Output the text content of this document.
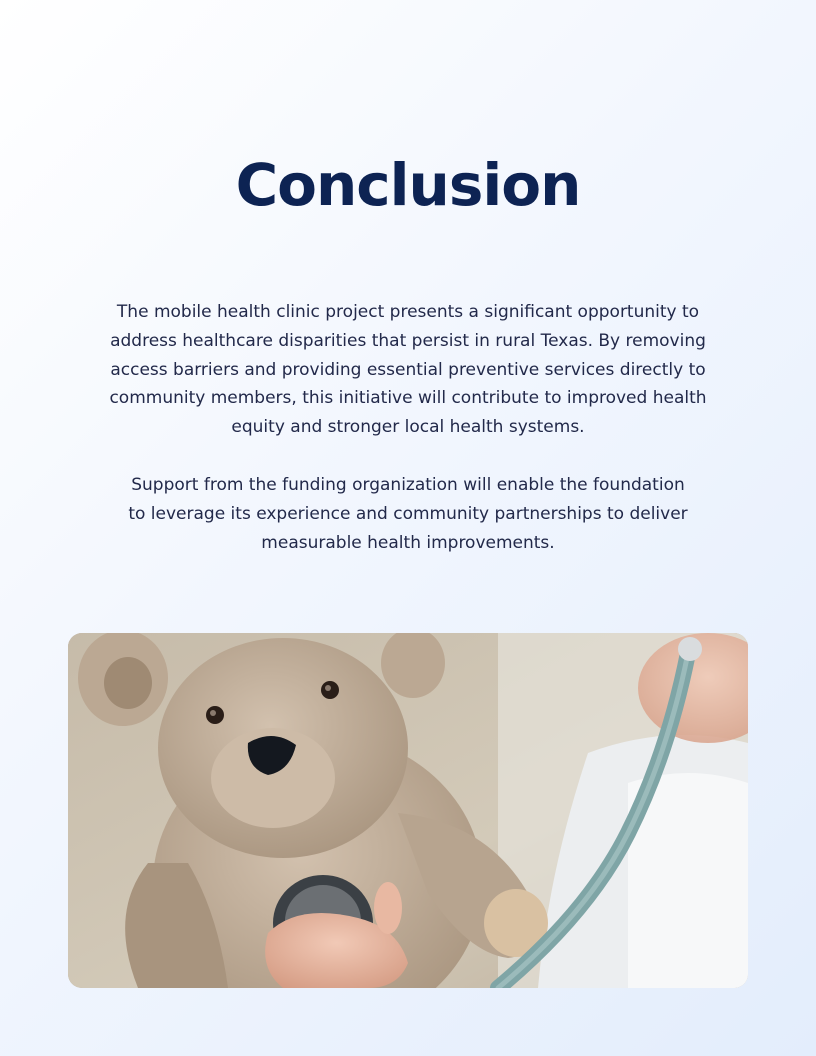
Conclusion

The mobile health clinic project presents a significant opportunity to address healthcare disparities that persist in rural Texas. By removing access barriers and providing essential preventive services directly to community members, this initiative will contribute to improved health equity and stronger local health systems.

Support from the funding organization will enable the foundation to leverage its experience and community partnerships to deliver measurable health improvements.
